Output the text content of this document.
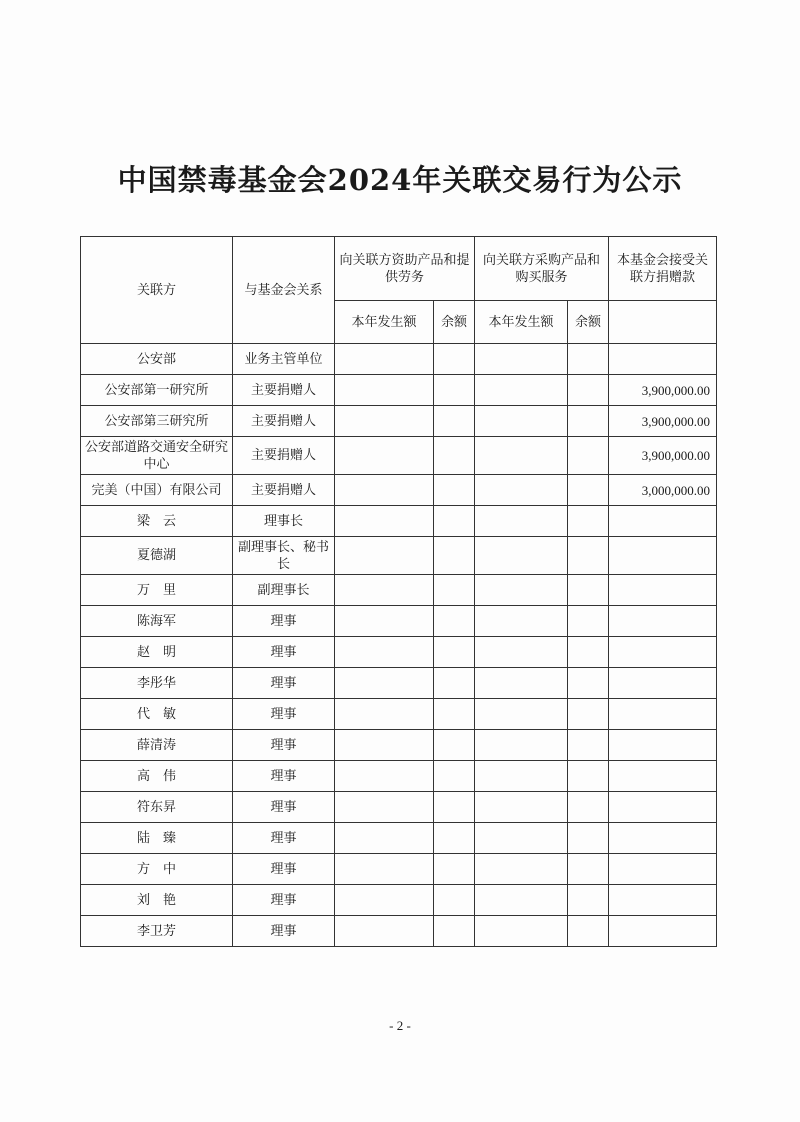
中国禁毒基金会2024年关联交易行为公示
关联方	与基金会关系	向关联方资助产品和提供劳务		向关联方采购产品和购买服务		本基金会接受关联方捐赠款
		本年发生额	余额	本年发生额	余额	
公安部	业务主管单位					
公安部第一研究所	主要捐赠人					3,900,000.00
公安部第三研究所	主要捐赠人					3,900,000.00
公安部道路交通安全研究中心	主要捐赠人					3,900,000.00
完美（中国）有限公司	主要捐赠人					3,000,000.00
梁　云	理事长					
夏德湖	副理事长、秘书长					
万　里	副理事长					
陈海军	理事					
赵　明	理事					
李彤华	理事					
代　敏	理事					
薛清涛	理事					
高　伟	理事					
符东昇	理事					
陆　臻	理事					
方　中	理事					
刘　艳	理事					
李卫芳	理事					
- 2 -
